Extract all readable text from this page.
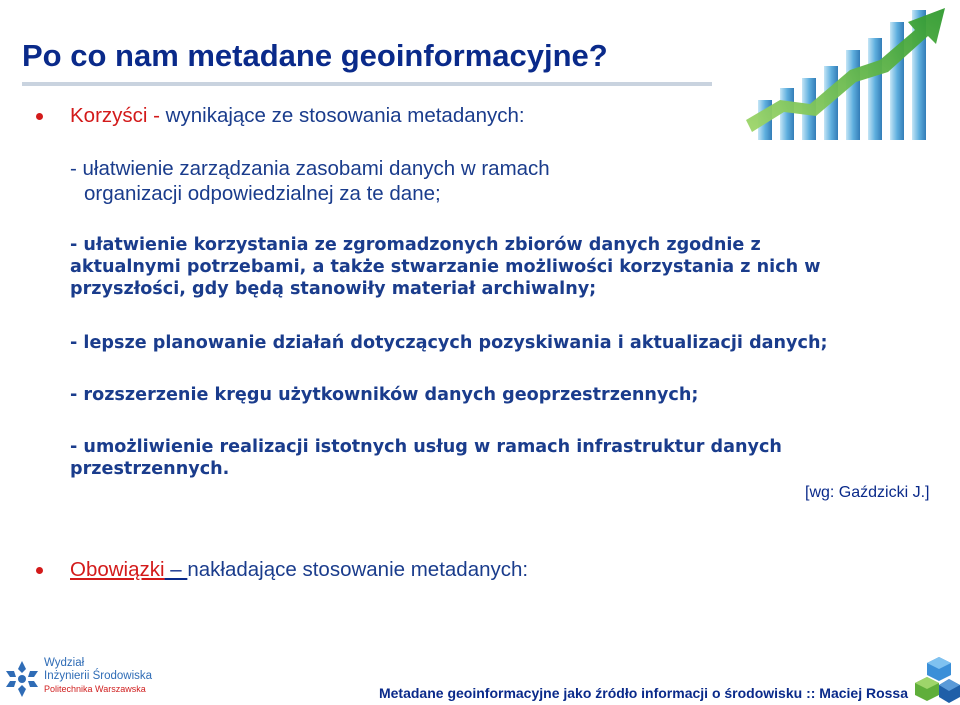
Po co nam metadane geoinformacyjne?
Korzyści - wynikające ze stosowania metadanych:
- ułatwienie zarządzania zasobami danych w ramach
organizacji odpowiedzialnej za te dane;
- ułatwienie korzystania ze zgromadzonych zbiorów danych zgodnie z
aktualnymi potrzebami, a także stwarzanie możliwości korzystania z nich w
przyszłości, gdy będą stanowiły materiał archiwalny;
- lepsze planowanie działań dotyczących pozyskiwania i aktualizacji danych;
- rozszerzenie kręgu użytkowników danych geoprzestrzennych;
- umożliwienie realizacji istotnych usług w ramach infrastruktur danych
przestrzennych.
[wg: Gaździcki J.]
Obowiązki – nakładające stosowanie metadanych:
Wydział
Inżynierii Środowiska
Politechnika Warszawska	Metadane geoinformacyjne jako źródło informacji o środowisku :: Maciej Rossa
